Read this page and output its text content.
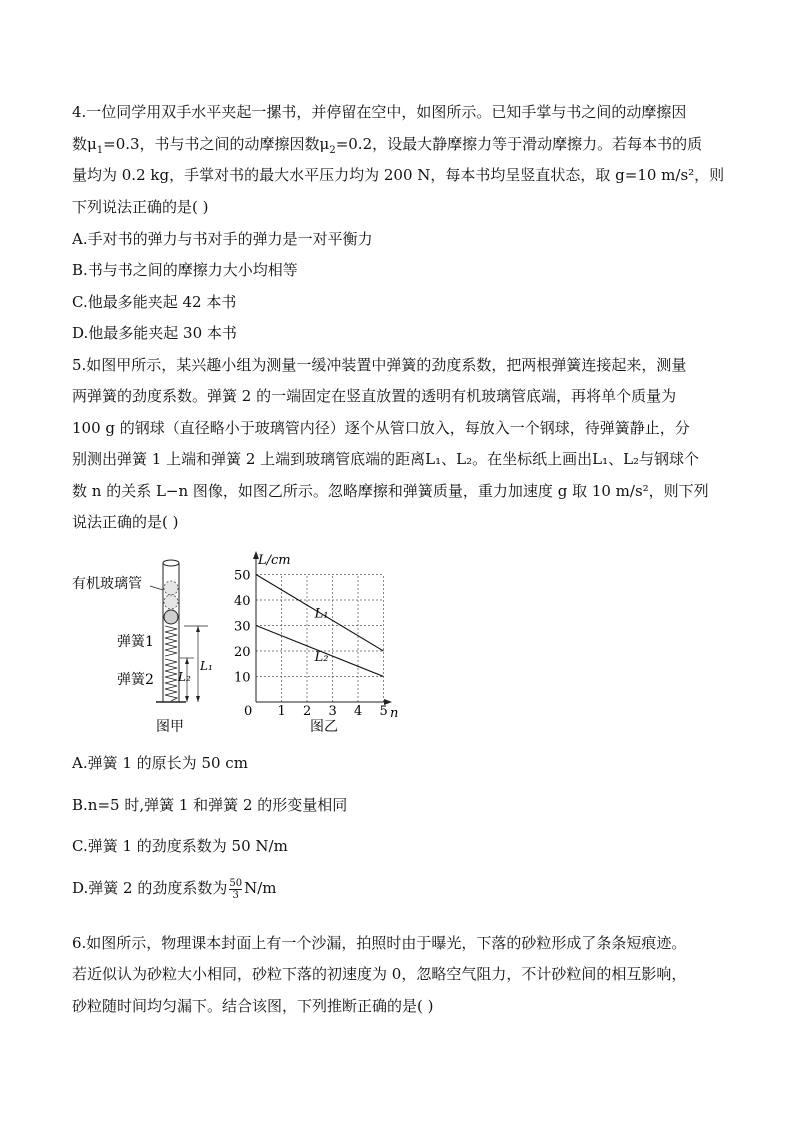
4.一位同学用双手水平夹起一摞书，并停留在空中，如图所示。已知手掌与书之间的动摩擦因
数$\mu_1=0.3$，书与书之间的动摩擦因数$\mu_2=0.2$，设最大静摩擦力等于滑动摩擦力。若每本书的质
量均为 0.2 kg，手掌对书的最大水平压力均为 200 N，每本书均呈竖直状态，取 g=10 m/s²，则
下列说法正确的是( )
A.手对书的弹力与书对手的弹力是一对平衡力
B.书与书之间的摩擦力大小均相等
C.他最多能夹起 42 本书
D.他最多能夹起 30 本书
5.如图甲所示，某兴趣小组为测量一缓冲装置中弹簧的劲度系数，把两根弹簧连接起来，测量
两弹簧的劲度系数。弹簧 2 的一端固定在竖直放置的透明有机玻璃管底端，再将单个质量为
100 g 的钢球（直径略小于玻璃管内径）逐个从管口放入，每放入一个钢球，待弹簧静止，分
别测出弹簧 1 上端和弹簧 2 上端到玻璃管底端的距离L₁、L₂。在坐标纸上画出L₁、L₂与钢球个
数 n 的关系 L−n 图像，如图乙所示。忽略摩擦和弹簧质量，重力加速度 g 取 10 m/s²，则下列
说法正确的是( )
有机玻璃管
弹簧1
弹簧2
L₁
L₂
图甲
10
20
30
40
50
1 2 3 4 5
L₁
L₂
L/cm
n
0
图乙
A.弹簧 1 的原长为 50 cm
B.n=5 时,弹簧 1 和弹簧 2 的形变量相同
C.弹簧 1 的劲度系数为 50 N/m
D.弹簧 2 的劲度系数为 $\frac{50}{3} N/m$
6.如图所示，物理课本封面上有一个沙漏，拍照时由于曝光，下落的砂粒形成了条条短痕迹。
若近似认为砂粒大小相同，砂粒下落的初速度为 0，忽略空气阻力，不计砂粒间的相互影响，
砂粒随时间均匀漏下。结合该图，下列推断正确的是( )
